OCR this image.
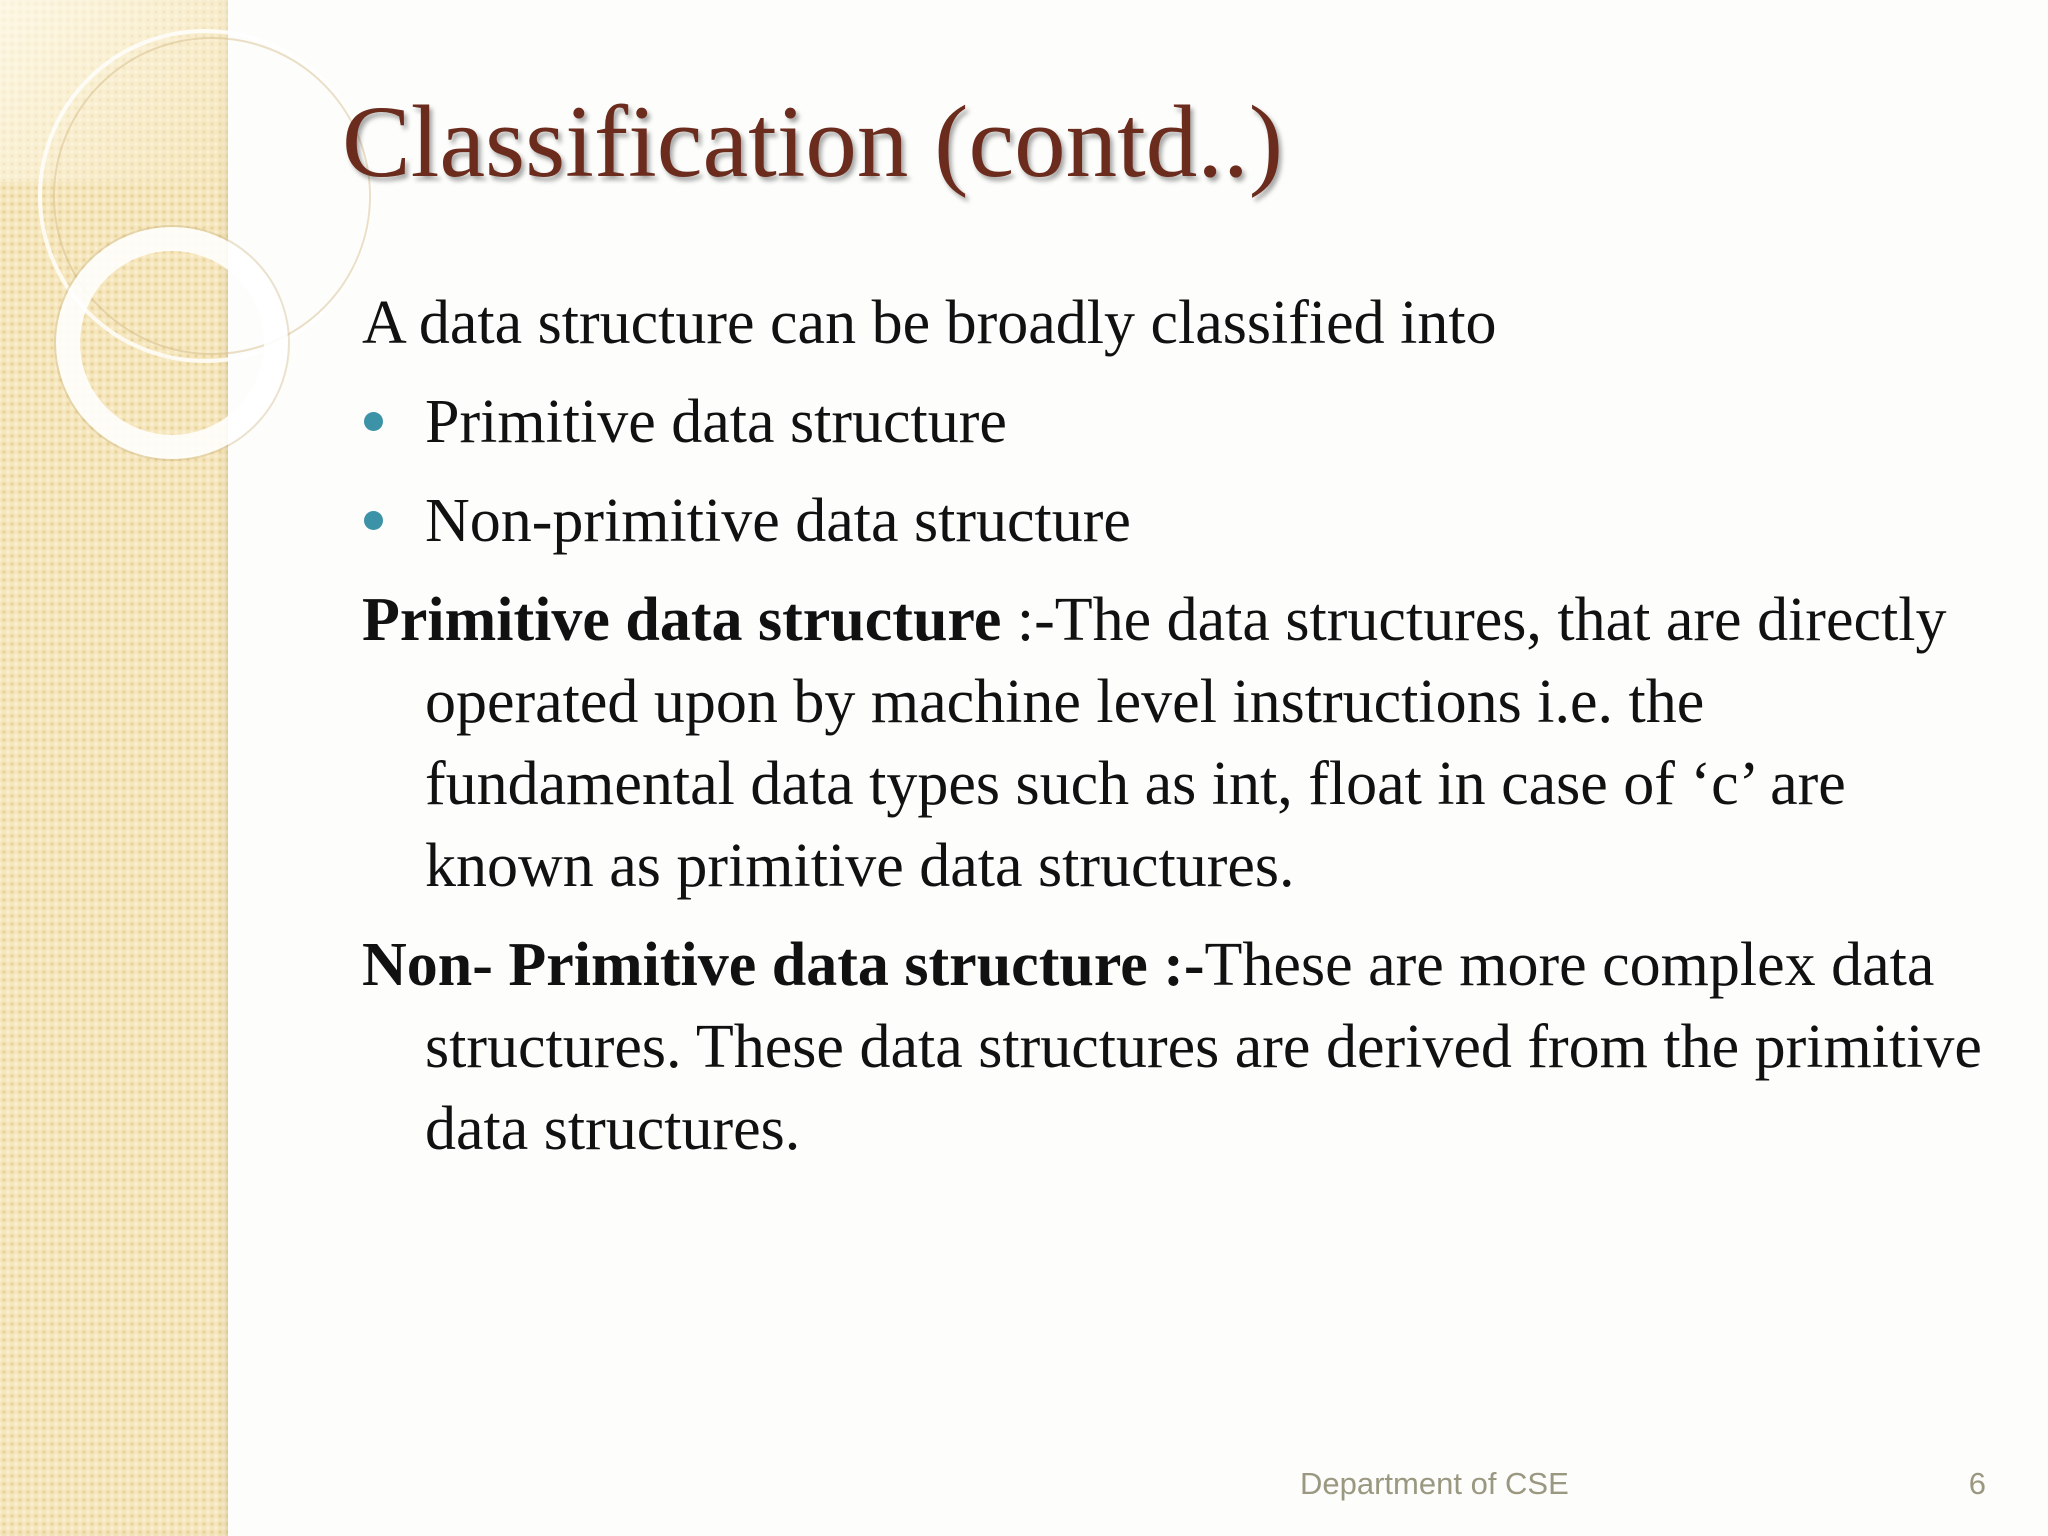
Classification (contd..)

A data structure can be broadly classified into

Primitive data structure
Non-primitive data structure

Primitive data structure :-The data structures, that are directly operated upon by machine level instructions i.e. the fundamental data types such as int, float in case of ‘c’ are known as primitive data structures.

Non- Primitive data structure :-These are more complex data structures. These data structures are derived from the primitive data structures.

Department of CSE	6
